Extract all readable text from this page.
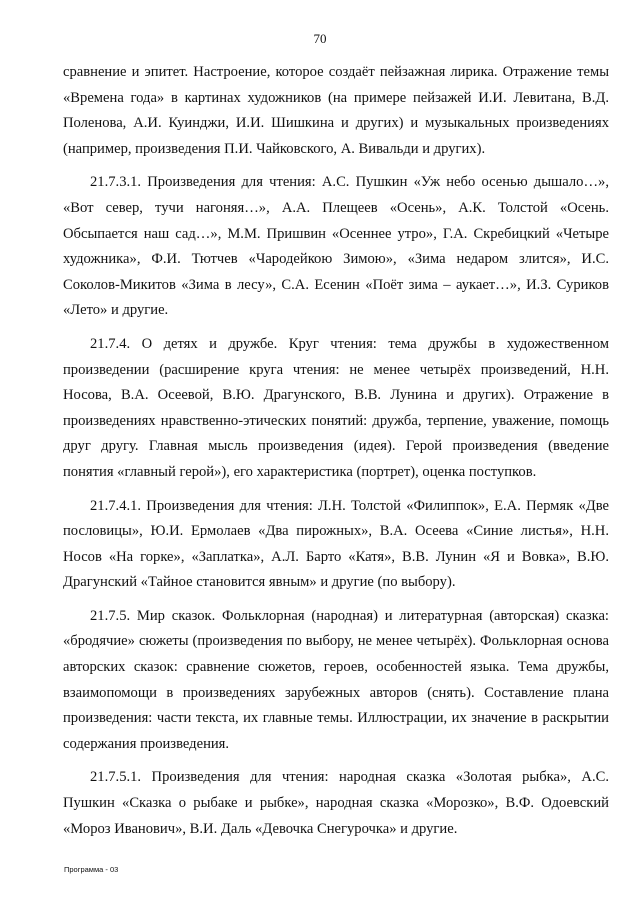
70

сравнение и эпитет. Настроение, которое создаёт пейзажная лирика. Отражение темы «Времена года» в картинах художников (на примере пейзажей И.И. Левитана, В.Д. Поленова, А.И. Куинджи, И.И. Шишкина и других) и музыкальных произведениях (например, произведения П.И. Чайковского, А. Вивальди и других).

21.7.3.1. Произведения для чтения: А.С. Пушкин «Уж небо осенью дышало…», «Вот север, тучи нагоняя…», А.А. Плещеев «Осень», А.К. Толстой «Осень. Обсыпается наш сад…», М.М. Пришвин «Осеннее утро», Г.А. Скребицкий «Четыре художника», Ф.И. Тютчев «Чародейкою Зимою», «Зима недаром злится», И.С. Соколов-Микитов «Зима в лесу», С.А. Есенин «Поёт зима – аукает…», И.З. Суриков «Лето» и другие.

21.7.4. О детях и дружбе. Круг чтения: тема дружбы в художественном произведении (расширение круга чтения: не менее четырёх произведений, Н.Н. Носова, В.А. Осеевой, В.Ю. Драгунского, В.В. Лунина и других). Отражение в произведениях нравственно-этических понятий: дружба, терпение, уважение, помощь друг другу. Главная мысль произведения (идея). Герой произведения (введение понятия «главный герой»), его характеристика (портрет), оценка поступков.

21.7.4.1. Произведения для чтения: Л.Н. Толстой «Филиппок», Е.А. Пермяк «Две пословицы», Ю.И. Ермолаев «Два пирожных», В.А. Осеева «Синие листья», Н.Н. Носов «На горке», «Заплатка», А.Л. Барто «Катя», В.В. Лунин «Я и Вовка», В.Ю. Драгунский «Тайное становится явным» и другие (по выбору).

21.7.5. Мир сказок. Фольклорная (народная) и литературная (авторская) сказка: «бродячие» сюжеты (произведения по выбору, не менее четырёх). Фольклорная основа авторских сказок: сравнение сюжетов, героев, особенностей языка. Тема дружбы, взаимопомощи в произведениях зарубежных авторов (снять). Составление плана произведения: части текста, их главные темы. Иллюстрации, их значение в раскрытии содержания произведения.

21.7.5.1. Произведения для чтения: народная сказка «Золотая рыбка», А.С. Пушкин «Сказка о рыбаке и рыбке», народная сказка «Морозко», В.Ф. Одоевский «Мороз Иванович», В.И. Даль «Девочка Снегурочка» и другие.

Программа - 03
